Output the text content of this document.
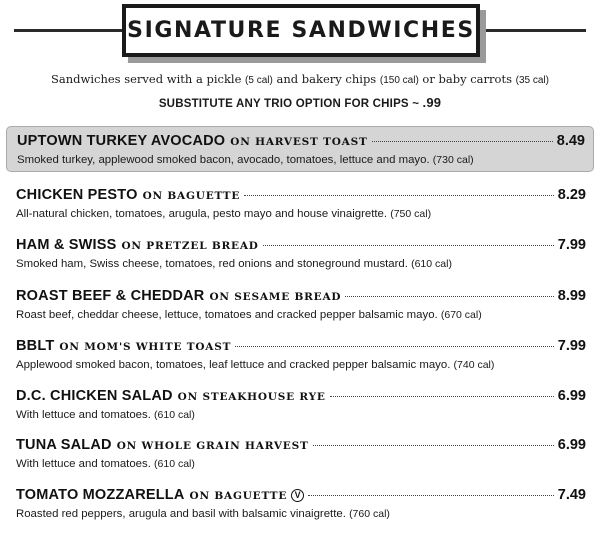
SIGNATURE SANDWICHES
Sandwiches served with a pickle (5 cal) and bakery chips (150 cal) or baby carrots (35 cal)
SUBSTITUTE ANY TRIO OPTION FOR CHIPS ~ .99
UPTOWN TURKEY AVOCADO ON HARVEST TOAST	8.49
Smoked turkey, applewood smoked bacon, avocado, tomatoes, lettuce and mayo. (730 cal)
CHICKEN PESTO ON BAGUETTE	8.29
All-natural chicken, tomatoes, arugula, pesto mayo and house vinaigrette. (750 cal)
HAM & SWISS ON PRETZEL BREAD	7.99
Smoked ham, Swiss cheese, tomatoes, red onions and stoneground mustard. (610 cal)
ROAST BEEF & CHEDDAR ON SESAME BREAD	8.99
Roast beef, cheddar cheese, lettuce, tomatoes and cracked pepper balsamic mayo. (670 cal)
BBLT ON MOM'S WHITE TOAST	7.99
Applewood smoked bacon, tomatoes, leaf lettuce and cracked pepper balsamic mayo. (740 cal)
D.C. CHICKEN SALAD ON STEAKHOUSE RYE	6.99
With lettuce and tomatoes. (610 cal)
TUNA SALAD ON WHOLE GRAIN HARVEST	6.99
With lettuce and tomatoes. (610 cal)
TOMATO MOZZARELLA ON BAGUETTE V	7.49
Roasted red peppers, arugula and basil with balsamic vinaigrette. (760 cal)
